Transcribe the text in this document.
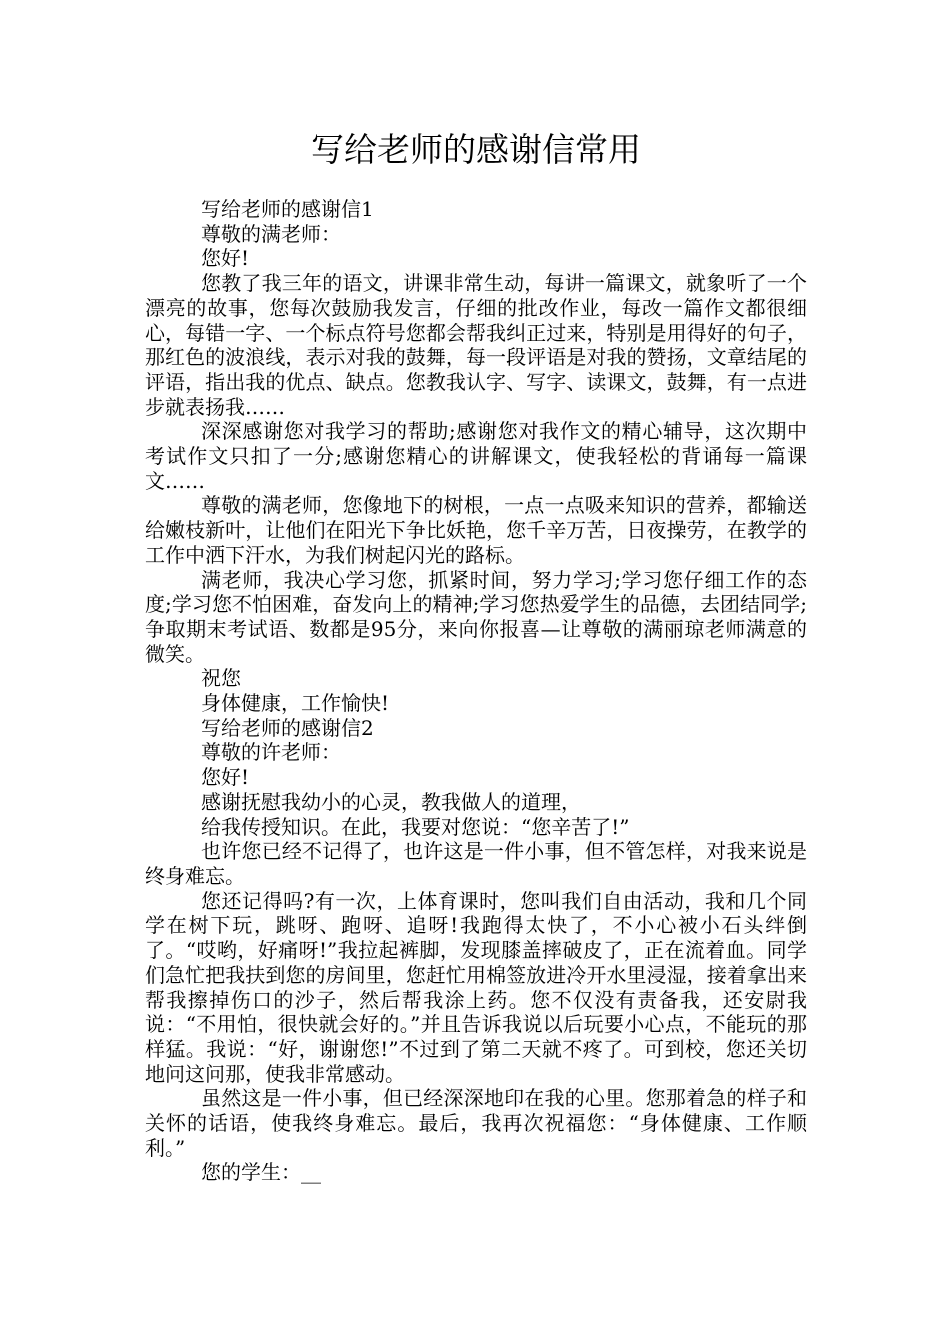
写给老师的感谢信常用

写给老师的感谢信1

尊敬的满老师：

您好!

您教了我三年的语文，讲课非常生动，每讲一篇课文，就象听了一个漂亮的故事，您每次鼓励我发言，仔细的批改作业，每改一篇作文都很细心，每错一字、一个标点符号您都会帮我纠正过来，特别是用得好的句子，那红色的波浪线，表示对我的鼓舞，每一段评语是对我的赞扬，文章结尾的评语，指出我的优点、缺点。您教我认字、写字、读课文，鼓舞，有一点进步就表扬我……

深深感谢您对我学习的帮助;感谢您对我作文的精心辅导，这次期中考试作文只扣了一分;感谢您精心的讲解课文，使我轻松的背诵每一篇课文……

尊敬的满老师，您像地下的树根，一点一点吸来知识的营养，都输送给嫩枝新叶，让他们在阳光下争比妖艳，您千辛万苦，日夜操劳，在教学的工作中洒下汗水，为我们树起闪光的路标。

满老师，我决心学习您，抓紧时间，努力学习;学习您仔细工作的态度;学习您不怕困难，奋发向上的精神;学习您热爱学生的品德，去团结同学;争取期末考试语、数都是95分，来向你报喜—让尊敬的满丽琼老师满意的微笑。

祝您

身体健康，工作愉快!

写给老师的感谢信2

尊敬的许老师：

您好!

感谢抚慰我幼小的心灵，教我做人的道理，

给我传授知识。在此，我要对您说：“您辛苦了!”

也许您已经不记得了，也许这是一件小事，但不管怎样，对我来说是终身难忘。

您还记得吗?有一次，上体育课时，您叫我们自由活动，我和几个同学在树下玩，跳呀、跑呀、追呀!我跑得太快了，不小心被小石头绊倒了。“哎哟，好痛呀!”我拉起裤脚，发现膝盖摔破皮了，正在流着血。同学们急忙把我扶到您的房间里，您赶忙用棉签放进冷开水里浸湿，接着拿出来帮我擦掉伤口的沙子，然后帮我涂上药。您不仅没有责备我，还安尉我说：“不用怕，很快就会好的。”并且告诉我说以后玩要小心点，不能玩的那样猛。我说：“好，谢谢您!”不过到了第二天就不疼了。可到校，您还关切地问这问那，使我非常感动。

虽然这是一件小事，但已经深深地印在我的心里。您那着急的样子和关怀的话语，使我终身难忘。最后，我再次祝福您：“身体健康、工作顺利。”

您的学生：__
